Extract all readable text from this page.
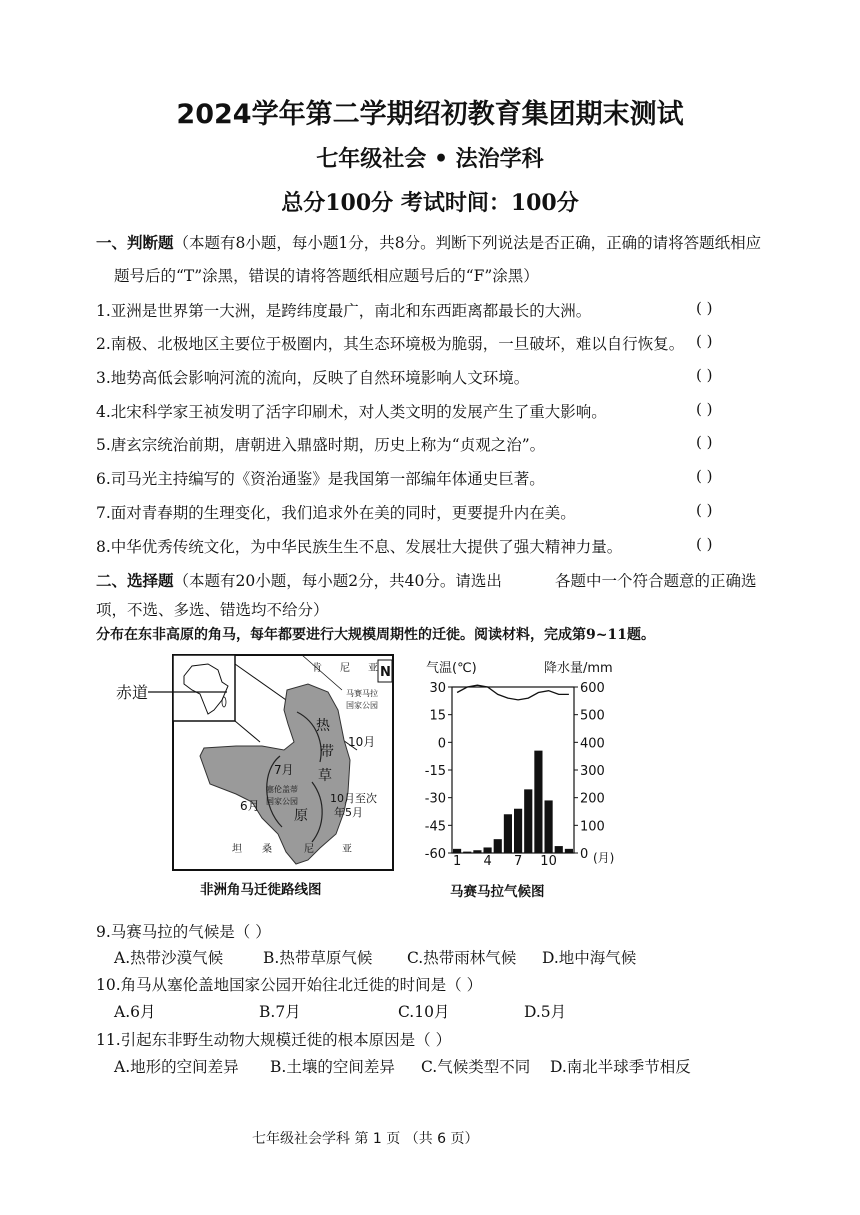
2024学年第二学期绍初教育集团期末测试
七年级社会 • 法治学科
总分100分 考试时间：100分
一、判断题（本题有8小题，每小题1分，共8分。判断下列说法是否正确，正确的请将答题纸相应
题号后的“T”涂黑，错误的请将答题纸相应题号后的“F”涂黑）
1.亚洲是世界第一大洲，是跨纬度最广，南北和东西距离都最长的大洲。	( )
2.南极、北极地区主要位于极圈内，其生态环境极为脆弱，一旦破坏，难以自行恢复。 ( )
3.地势高低会影响河流的流向，反映了自然环境影响人文环境。	( )
4.北宋科学家王祯发明了活字印刷术，对人类文明的发展产生了重大影响。	( )
5.唐玄宗统治前期，唐朝进入鼎盛时期，历史上称为“贞观之治”。	( )
6.司马光主持编写的《资治通鉴》是我国第一部编年体通史巨著。	( )
7.面对青春期的生理变化，我们追求外在美的同时，更要提升内在美。	( )
8.中华优秀传统文化，为中华民族生生不息、发展壮大提供了强大精神力量。	( )
二、选择题（本题有20小题，每小题2分，共40分。请选出	各题中一个符合题意的正确选
项，不选、多选、错选均不给分）
分布在东非高原的角马，每年都要进行大规模周期性的迁徙。阅读材料，完成第9~11题。
赤道
N
肯 尼 亚
马赛马拉
国家公园
热
带
草
原
10月
7月
塞伦盖蒂
国家公园
6月
10月至次
年5月
坦 桑	尼	亚
非洲角马迁徙路线图
气温(℃)	降水量/mm
30
15
0
-15
-30
-45
-60
600
500
400
300
200
100
0
1 4 7 10	(月)
马赛马拉气候图
9.马赛马拉的气候是（ ）
A.热带沙漠气候	B.热带草原气候 C.热带雨林气候 D.地中海气候
10.角马从塞伦盖地国家公园开始往北迁徙的时间是（ ）
A.6月	B.7月	C.10月	D.5月
11.引起东非野生动物大规模迁徙的根本原因是（ ）
A.地形的空间差异 B.土壤的空间差异 C.气候类型不同 D.南北半球季节相反
七年级社会学科 第 1 页 （共 6 页）
